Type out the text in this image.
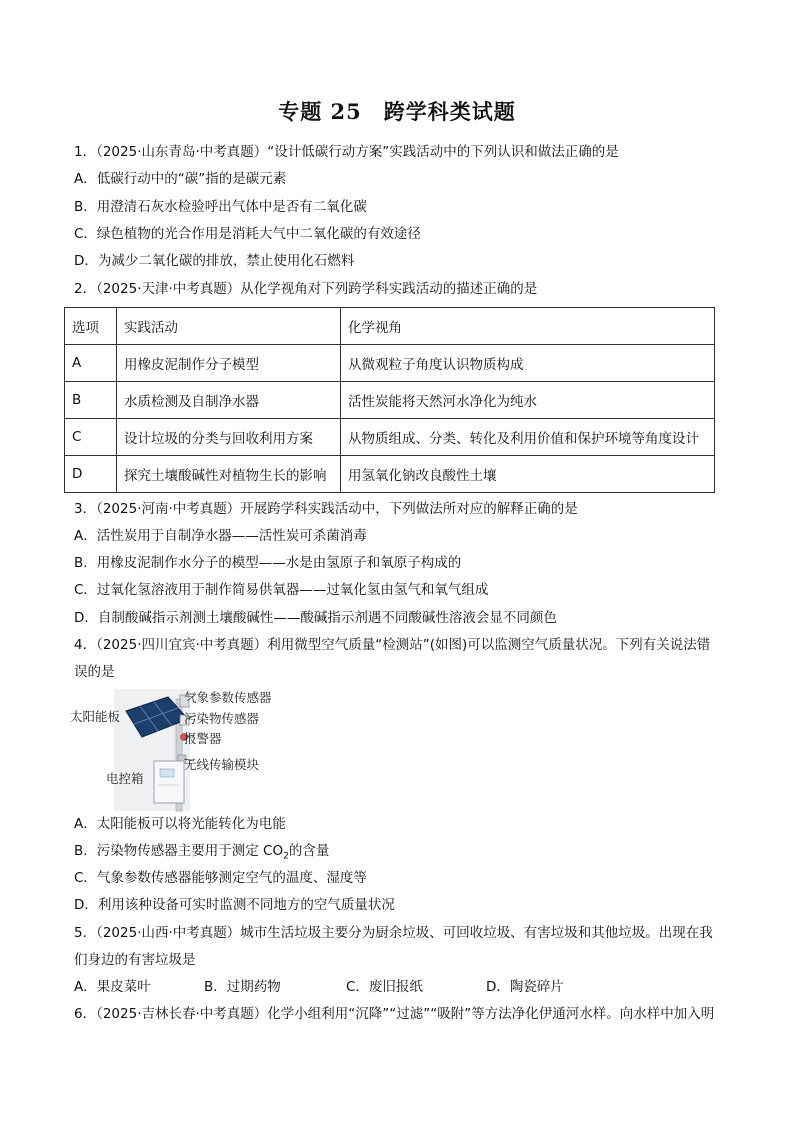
专题 25　跨学科类试题
1．（2025·山东青岛·中考真题）“设计低碳行动方案”实践活动中的下列认识和做法正确的是
A．低碳行动中的“碳”指的是碳元素
B．用澄清石灰水检验呼出气体中是否有二氧化碳
C．绿色植物的光合作用是消耗大气中二氧化碳的有效途径
D．为减少二氧化碳的排放，禁止使用化石燃料
2．（2025·天津·中考真题）从化学视角对下列跨学科实践活动的描述正确的是
选项	实践活动	化学视角
A	用橡皮泥制作分子模型	从微观粒子角度认识物质构成
B	水质检测及自制净水器	活性炭能将天然河水净化为纯水
C	设计垃圾的分类与回收利用方案	从物质组成、分类、转化及利用价值和保护环境等角度设计
D	探究土壤酸碱性对植物生长的影响	用氢氧化钠改良酸性土壤
3．（2025·河南·中考真题）开展跨学科实践活动中，下列做法所对应的解释正确的是
A．活性炭用于自制净水器——活性炭可杀菌消毒
B．用橡皮泥制作水分子的模型——水是由氢原子和氧原子构成的
C．过氧化氢溶液用于制作简易供氧器——过氧化氢由氢气和氧气组成
D．自制酸碱指示剂测土壤酸碱性——酸碱指示剂遇不同酸碱性溶液会显不同颜色
4．（2025·四川宜宾·中考真题）利用微型空气质量“检测站”(如图)可以监测空气质量状况。下列有关说法错
误的是
气象参数传感器
污染物传感器
太阳能板
报警器
无线传输模块
电控箱
A．太阳能板可以将光能转化为电能
B．污染物传感器主要用于测定 $CO_2$的含量
C．气象参数传感器能够测定空气的温度、湿度等
D．利用该种设备可实时监测不同地方的空气质量状况
5．（2025·山西·中考真题）城市生活垃圾主要分为厨余垃圾、可回收垃圾、有害垃圾和其他垃圾。出现在我
们身边的有害垃圾是
A．果皮菜叶	B．过期药物	C．废旧报纸	D．陶瓷碎片
6．（2025·吉林长春·中考真题）化学小组利用“沉降”“过滤”“吸附”等方法净化伊通河水样。向水样中加入明
